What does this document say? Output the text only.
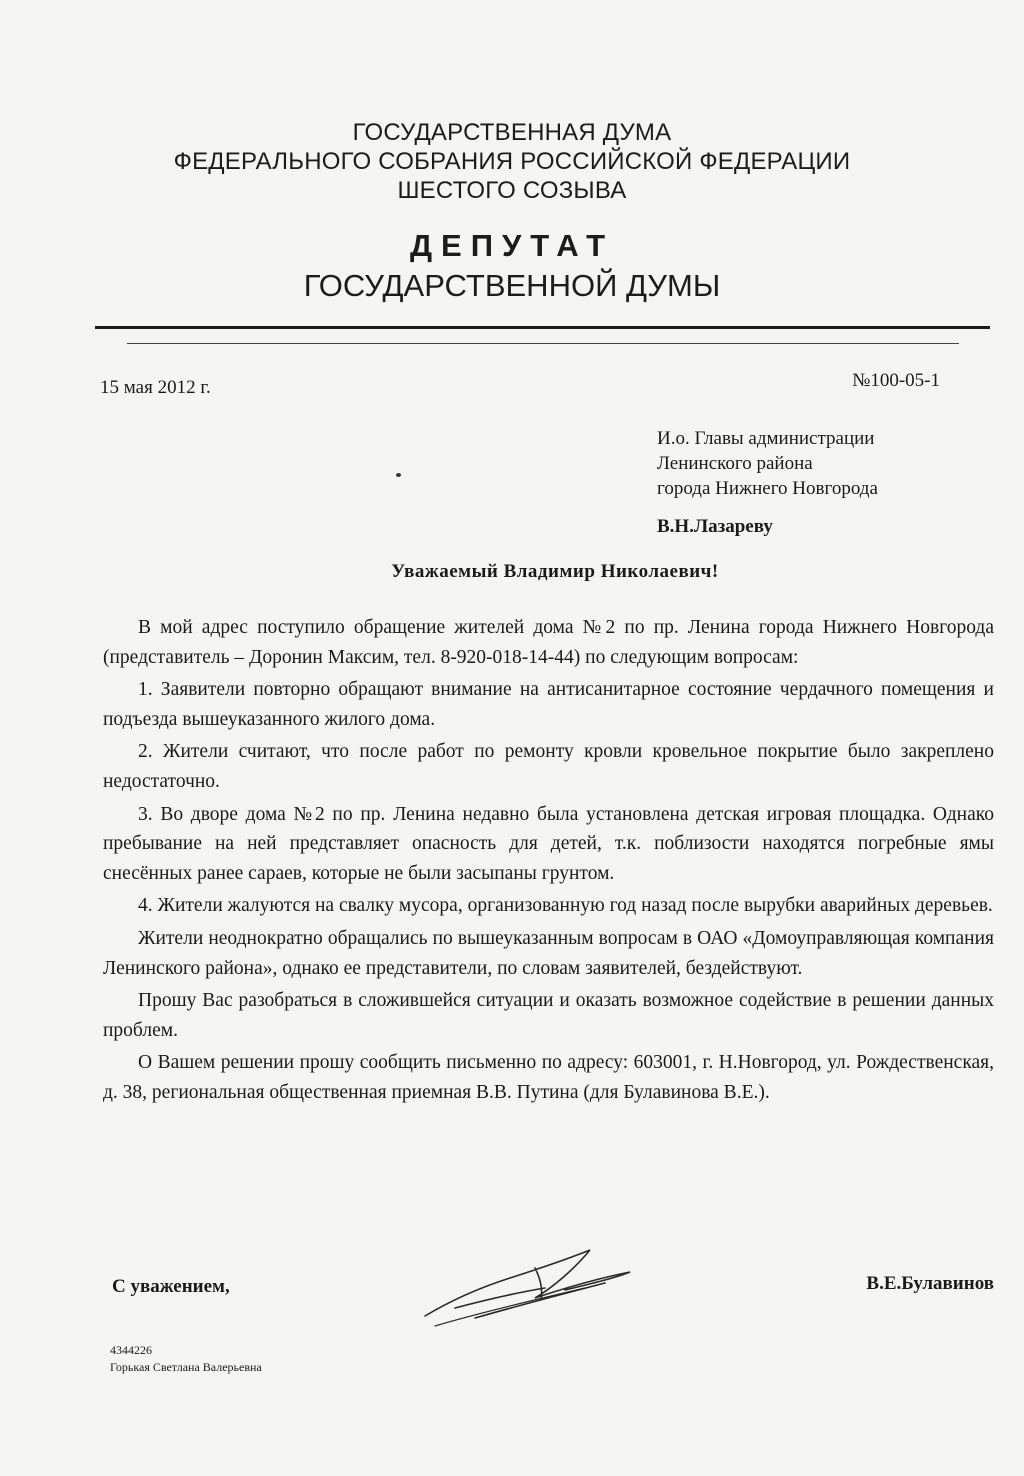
ГОСУДАРСТВЕННАЯ ДУМА
ФЕДЕРАЛЬНОГО СОБРАНИЯ РОССИЙСКОЙ ФЕДЕРАЦИИ
ШЕСТОГО СОЗЫВА
ДЕПУТАТ
ГОСУДАРСТВЕННОЙ ДУМЫ
15 мая 2012 г.	№100-05-1
И.о. Главы администрации
Ленинского района
города Нижнего Новгорода
В.Н.Лазареву
Уважаемый Владимир Николаевич!

В мой адрес поступило обращение жителей дома №2 по пр. Ленина города Нижнего Новгорода (представитель – Доронин Максим, тел. 8-920-018-14-44) по следующим вопросам:

1. Заявители повторно обращают внимание на антисанитарное состояние чердачного помещения и подъезда вышеуказанного жилого дома.

2. Жители считают, что после работ по ремонту кровли кровельное покрытие было закреплено недостаточно.

3. Во дворе дома №2 по пр. Ленина недавно была установлена детская игровая площадка. Однако пребывание на ней представляет опасность для детей, т.к. поблизости находятся погребные ямы снесённых ранее сараев, которые не были засыпаны грунтом.

4. Жители жалуются на свалку мусора, организованную год назад после вырубки аварийных деревьев.

Жители неоднократно обращались по вышеуказанным вопросам в ОАО «Домоуправляющая компания Ленинского района», однако ее представители, по словам заявителей, бездействуют.

Прошу Вас разобраться в сложившейся ситуации и оказать возможное содействие в решении данных проблем.

О Вашем решении прошу сообщить письменно по адресу: 603001, г. Н.Новгород, ул. Рождественская, д. 38, региональная общественная приемная В.В. Путина (для Булавинова В.Е.).

С уважением,	В.Е.Булавинов
4344226
Горькая Светлана Валерьевна
